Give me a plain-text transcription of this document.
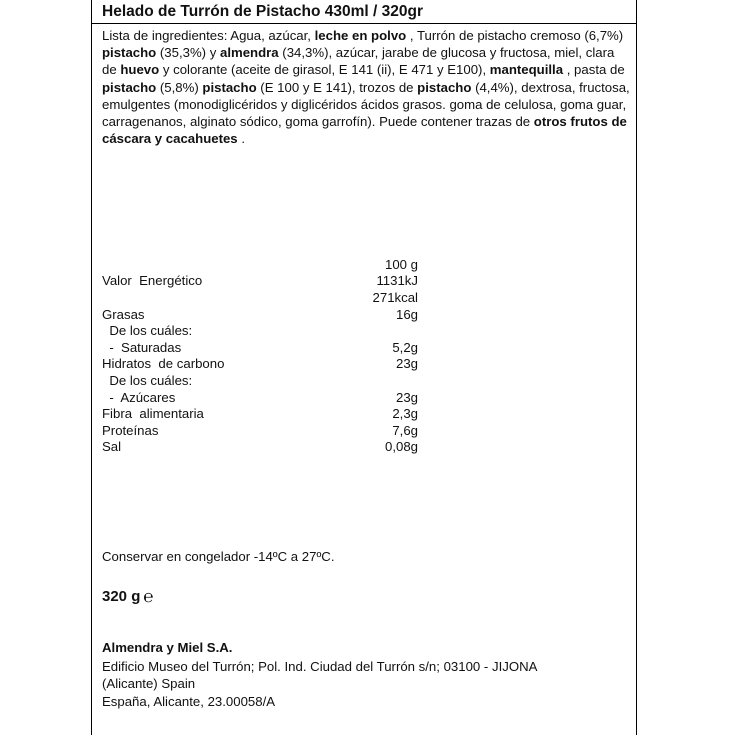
Helado de Turrón de Pistacho 430ml / 320gr
Lista de ingredientes: Agua, azúcar, leche en polvo , Turrón de pistacho cremoso (6,7%) pistacho (35,3%) y almendra (34,3%), azúcar, jarabe de glucosa y fructosa, miel, clara de huevo y colorante (aceite de girasol, E 141 (ii), E 471 y E100), mantequilla , pasta de pistacho (5,8%) pistacho (E 100 y E 141), trozos de pistacho (4,4%), dextrosa, fructosa, emulgentes (monodiglicéridos y diglicéridos ácidos grasos. goma de celulosa, goma guar, carragenanos, alginato sódico, goma garrofín). Puede contener trazas de otros frutos de cáscara y cacahuetes .
100 g
Valor  Energético	1131kJ
271kcal
Grasas	16g
De los cuáles:
-  Saturadas	5,2g
Hidratos  de carbono	23g
De los cuáles:
-  Azúcares	23g
Fibra  alimentaria	2,3g
Proteínas	7,6g
Sal	0,08g
Conservar en congelador -14ºC a 27ºC.
320 g ℮
Almendra y Miel S.A.
Edificio Museo del Turrón; Pol. Ind. Ciudad del Turrón s/n; 03100 - JIJONA
(Alicante) Spain
España, Alicante, 23.00058/A
